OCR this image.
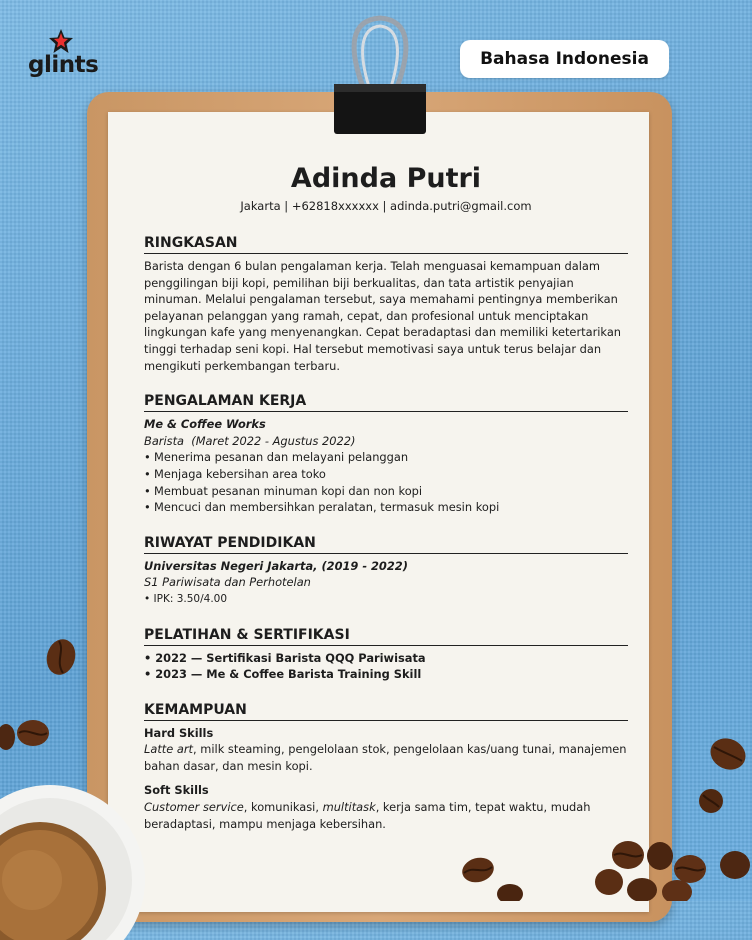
glints	Bahasa Indonesia
Adinda Putri
Jakarta | +62818xxxxxx | adinda.putri@gmail.com
RINGKASAN
Barista dengan 6 bulan pengalaman kerja. Telah menguasai kemampuan dalam penggilingan biji kopi, pemilihan biji berkualitas, dan tata artistik penyajian minuman. Melalui pengalaman tersebut, saya memahami pentingnya memberikan pelayanan pelanggan yang ramah, cepat, dan profesional untuk menciptakan lingkungan kafe yang menyenangkan. Cepat beradaptasi dan memiliki ketertarikan tinggi terhadap seni kopi. Hal tersebut memotivasi saya untuk terus belajar dan mengikuti perkembangan terbaru.
PENGALAMAN KERJA
Me & Coffee Works
Barista  (Maret 2022 - Agustus 2022)
• Menerima pesanan dan melayani pelanggan
• Menjaga kebersihan area toko
• Membuat pesanan minuman kopi dan non kopi
• Mencuci dan membersihkan peralatan, termasuk mesin kopi
RIWAYAT PENDIDIKAN
Universitas Negeri Jakarta, (2019 - 2022)
S1 Pariwisata dan Perhotelan
• IPK: 3.50/4.00
PELATIHAN & SERTIFIKASI
• 2022 — Sertifikasi Barista QQQ Pariwisata
• 2023 — Me & Coffee Barista Training Skill
KEMAMPUAN
Hard Skills
Latte art, milk steaming, pengelolaan stok, pengelolaan kas/uang tunai, manajemen bahan dasar, dan mesin kopi.
Soft Skills
Customer service, komunikasi, multitask, kerja sama tim, tepat waktu, mudah beradaptasi, mampu menjaga kebersihan.
